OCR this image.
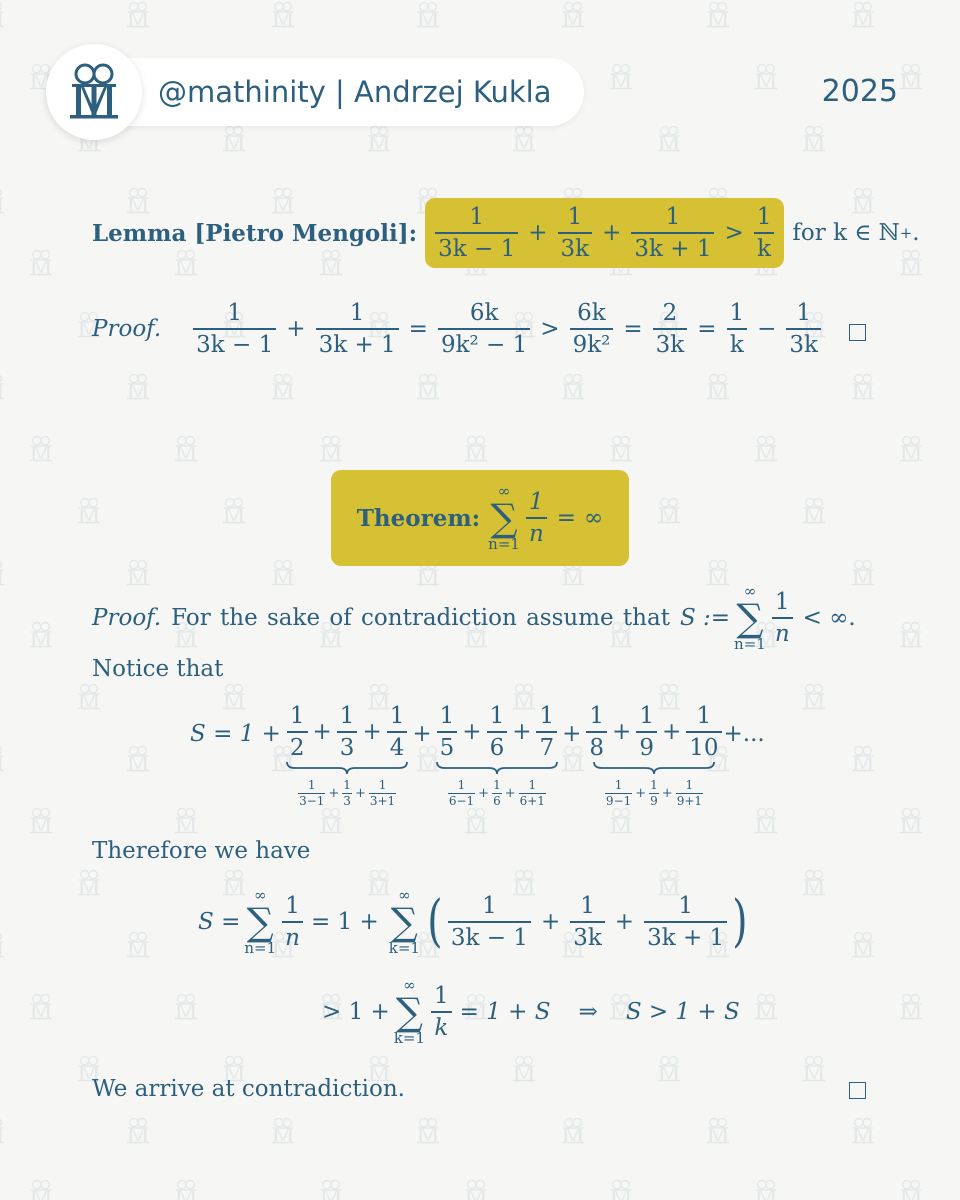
@mathinity | Andrzej Kukla	2025
Lemma [Pietro Mengoli]: $\frac{1}{3k - 1} + \frac{1}{3k} + \frac{1}{3k + 1} > \frac{1}{k}$ for k ∈ ℕ + .
Proof. $\frac{1}{3k - 1} + \frac{1}{3k + 1} = \frac{6k}{\text{9k² − 1}} > \frac{6k}{\text{9k²}} = \frac{2}{3k} = \frac{1}{k} - \frac{1}{3k}$
Theorem:
∞
∑
$n=1 \frac{1}{n}$ = ∞
Proof. For the sake of contradiction assume that S :=
∞
∑
$n=1 \frac{1}{n}$ < ∞.
Notice that
$S = 1 + \frac{1}{2} + \frac{1}{3} + \frac{1}{4}$
$\frac{1}{3-1} + \frac{1}{3} + \frac{1}{3+1}$
+ $\frac{1}{5} + \frac{1}{6} + \frac{1}{7}$
$\frac{1}{6-1} + \frac{1}{6} + \frac{1}{6+1}$
+ $\frac{1}{8} + \frac{1}{9} + \frac{1}{10}$
$\frac{1}{9-1} + \frac{1}{9} + \frac{1}{9+1}$
+...
Therefore we have
S =
∞
∑
$n=1 \frac{1}{n} = 1$ +
∞
∑
k=1 ( $\frac{1}{3k - 1} + \frac{1}{3k} + \frac{1}{3k + 1}$ )
> 1 +
∞
∑
$k=1 \frac{1}{k} = 1 + S$ ⇒ S > 1 + S
We arrive at contradiction.
